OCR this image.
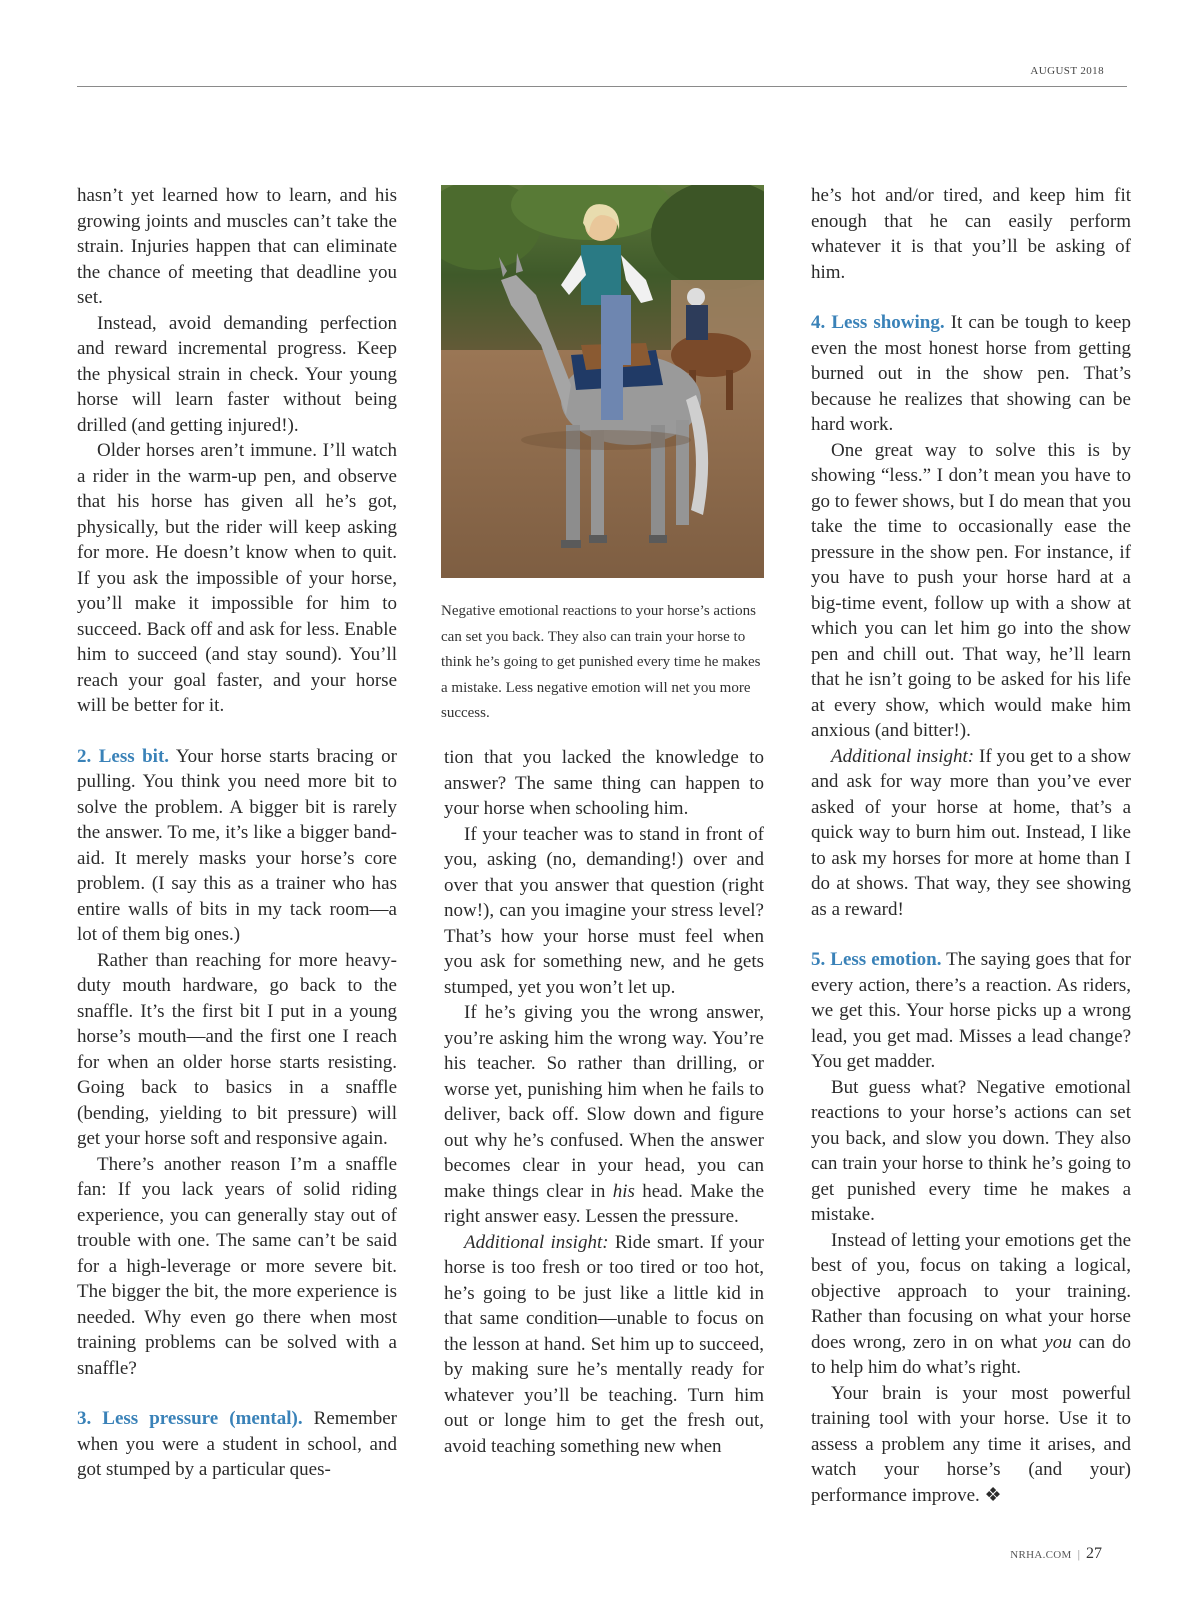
AUGUST 2018

hasn’t yet learned how to learn, and his growing joints and muscles can’t take the strain. Injuries happen that can eliminate the chance of meeting that deadline you set.

Instead, avoid demanding perfection and reward incremental progress. Keep the physical strain in check. Your young horse will learn faster without being drilled (and getting injured!).

Older horses aren’t immune. I’ll watch a rider in the warm-up pen, and observe that his horse has given all he’s got, physically, but the rider will keep asking for more. He doesn’t know when to quit. If you ask the impossible of your horse, you’ll make it impossible for him to succeed. Back off and ask for less. Enable him to succeed (and stay sound). You’ll reach your goal faster, and your horse will be better for it.

2. Less bit. Your horse starts bracing or pulling. You think you need more bit to solve the problem. A bigger bit is rarely the answer. To me, it’s like a bigger band-aid. It merely masks your horse’s core problem. (I say this as a trainer who has entire walls of bits in my tack room—a lot of them big ones.)

Rather than reaching for more heavy-duty mouth hardware, go back to the snaffle. It’s the first bit I put in a young horse’s mouth—and the first one I reach for when an older horse starts resisting. Going back to basics in a snaffle (bending, yielding to bit pressure) will get your horse soft and responsive again.

There’s another reason I’m a snaffle fan: If you lack years of solid riding experience, you can generally stay out of trouble with one. The same can’t be said for a high-leverage or more severe bit. The bigger the bit, the more experience is needed. Why even go there when most training problems can be solved with a snaffle?

3. Less pressure (mental). Remember when you were a student in school, and got stumped by a particular ques-

Negative emotional reactions to your horse’s actions can set you back. They also can train your horse to think he’s going to get punished every time he makes a mistake. Less negative emotion will net you more success.

tion that you lacked the knowledge to answer? The same thing can happen to your horse when schooling him.

If your teacher was to stand in front of you, asking (no, demanding!) over and over that you answer that question (right now!), can you imagine your stress level? That’s how your horse must feel when you ask for something new, and he gets stumped, yet you won’t let up.

If he’s giving you the wrong answer, you’re asking him the wrong way. You’re his teacher. So rather than drilling, or worse yet, punishing him when he fails to deliver, back off. Slow down and figure out why he’s confused. When the answer becomes clear in your head, you can make things clear in his head. Make the right answer easy. Lessen the pressure.

Additional insight: Ride smart. If your horse is too fresh or too tired or too hot, he’s going to be just like a little kid in that same condition—unable to focus on the lesson at hand. Set him up to succeed, by making sure he’s mentally ready for whatever you’ll be teaching. Turn him out or longe him to get the fresh out, avoid teaching something new when

he’s hot and/or tired, and keep him fit enough that he can easily perform whatever it is that you’ll be asking of him.

4. Less showing. It can be tough to keep even the most honest horse from getting burned out in the show pen. That’s because he realizes that showing can be hard work.

One great way to solve this is by showing “less.” I don’t mean you have to go to fewer shows, but I do mean that you take the time to occasionally ease the pressure in the show pen. For instance, if you have to push your horse hard at a big-time event, follow up with a show at which you can let him go into the show pen and chill out. That way, he’ll learn that he isn’t going to be asked for his life at every show, which would make him anxious (and bitter!).

Additional insight: If you get to a show and ask for way more than you’ve ever asked of your horse at home, that’s a quick way to burn him out. Instead, I like to ask my horses for more at home than I do at shows. That way, they see showing as a reward!

5. Less emotion. The saying goes that for every action, there’s a reaction. As riders, we get this. Your horse picks up a wrong lead, you get mad. Misses a lead change? You get madder.

But guess what? Negative emotional reactions to your horse’s actions can set you back, and slow you down. They also can train your horse to think he’s going to get punished every time he makes a mistake.

Instead of letting your emotions get the best of you, focus on taking a logical, objective approach to your training. Rather than focusing on what your horse does wrong, zero in on what you can do to help him do what’s right.

Your brain is your most powerful training tool with your horse. Use it to assess a problem any time it arises, and watch your horse’s (and your) performance improve. ❖

NRHA.COM | 27
